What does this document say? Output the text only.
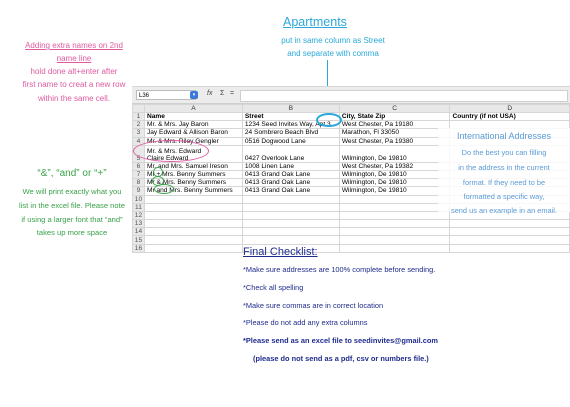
Apartments
put in same column as Street
and separate with comma
Adding extra names on 2nd
name line
hold done alt+enter after
first name to creat a new row
within the same cell.
“&”, “and” or “+”
We will print exactly what you
list in the excel file. Please note
if using a larger font that “and”
takes up more space
L36	▾	fx Σ =
	A	B	C	D
1	Name	Street	City, State Zip	Country (if not USA)
2	Mr. & Mrs. Jay Baron	1234 Seed Invites Way, Apt 3	West Chester, Pa 19180	
3	Jay Edward & Allison Baron	24 Sombrero Beach Blvd	Marathon, Fl 33050	
4	Mr. & Mrs. Riley Gengler	0516 Dogwood Lane	West Chester, Pa 19380	
5	Mr. & Mrs. Edward
Claire Edward	0427 Overlook Lane	Wilmington, De 19810	
6	Mr. and Mrs. Samuel Ireson	1008 Linen Lane	West Chester, Pa 19382	
7	Mr + Mrs. Benny Summers	0413 Grand Oak Lane	Wilmington, De 19810	
8	Mr & Mrs. Benny Summers	0413 Grand Oak Lane	Wilmington, De 19810	
9	Mr and Mrs. Benny Summers	0413 Grand Oak Lane	Wilmington, De 19810	
10				
11				
12				
13				
14				
15				
16				
International Addresses
Do the best you can filling
in the address in the current
format. If they need to be
formatted a specific way,
send us an example in an email.
Final Checklist:
*Make sure addresses are 100% complete before sending.
*Check all spelling
*Make sure commas are in correct location
*Please do not add any extra columns
*Please send as an excel file to seedinvites@gmail.com
(please do not send as a pdf, csv or numbers file.)
